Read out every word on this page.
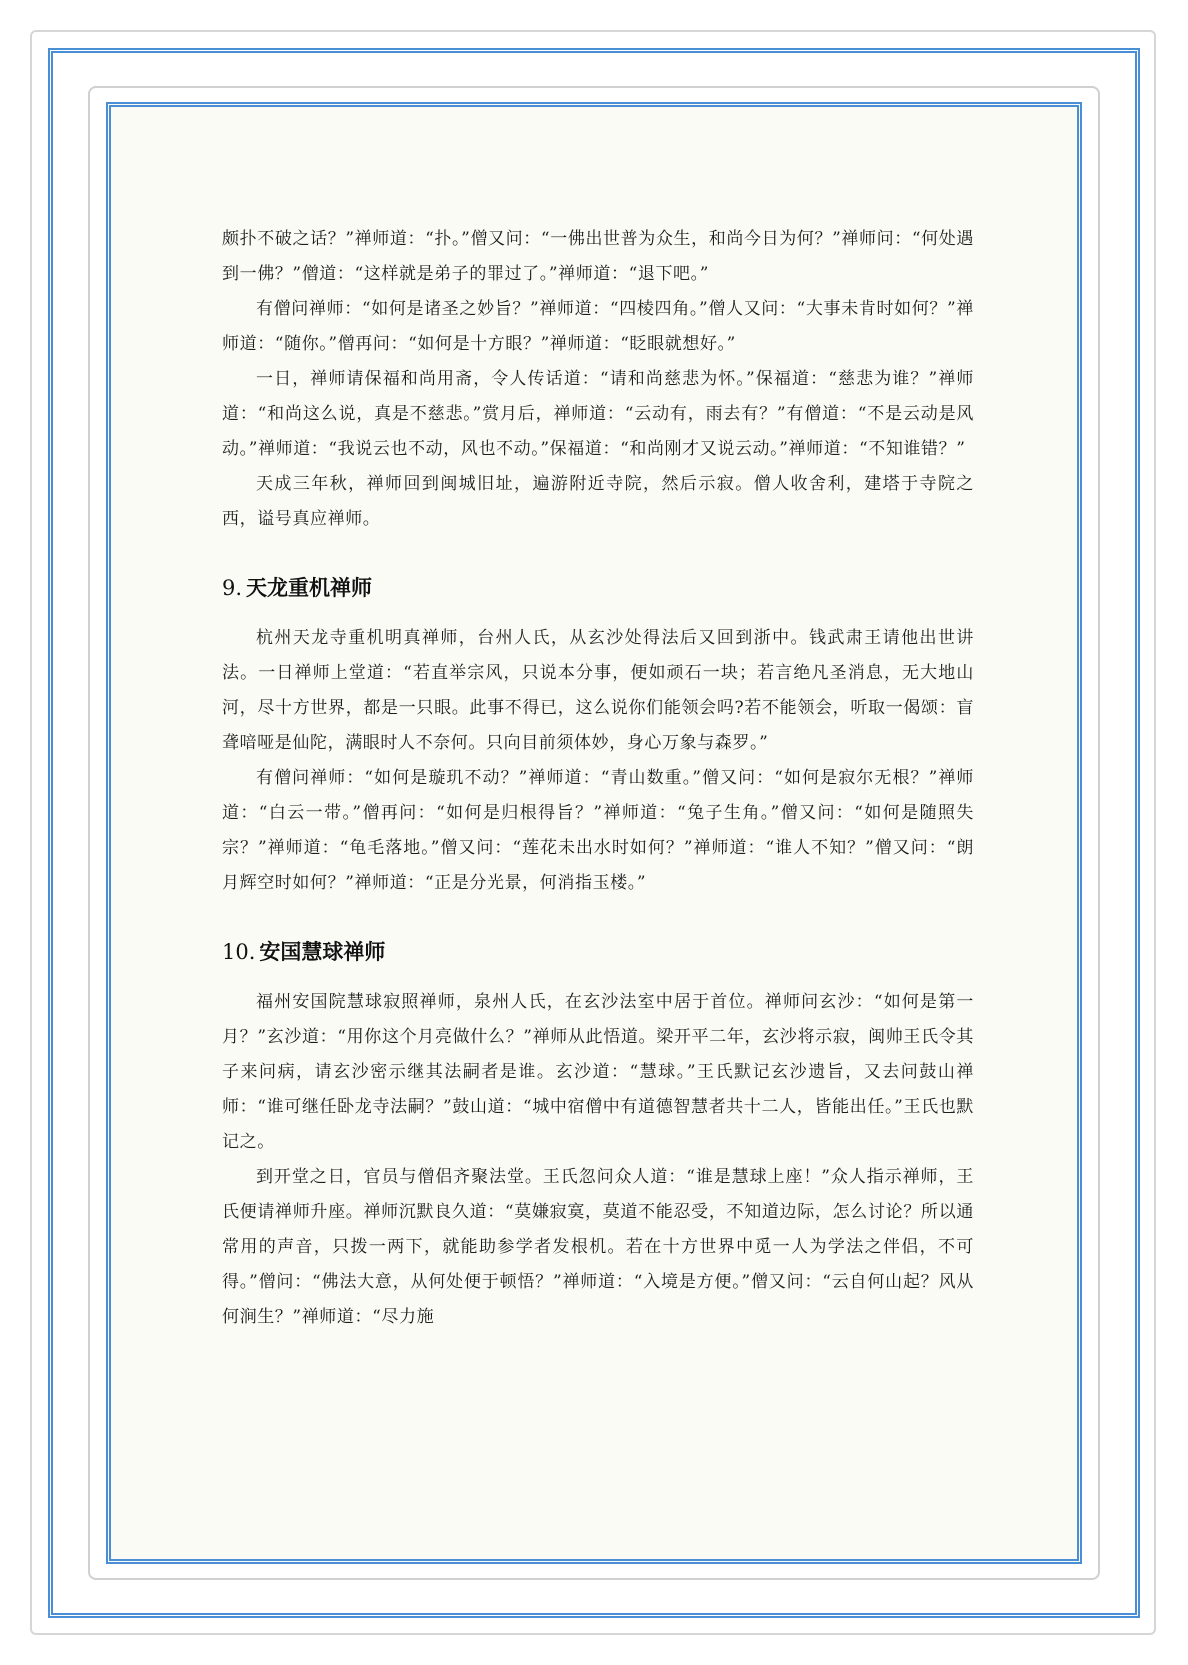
颇扑不破之话？”禅师道：“扑。”僧又问：“一佛出世普为众生，和尚今日为何？”禅师问：“何处遇到一佛？”僧道：“这样就是弟子的罪过了。”禅师道：“退下吧。”

有僧问禅师：“如何是诸圣之妙旨？”禅师道：“四棱四角。”僧人又问：“大事未肯时如何？”禅师道：“随你。”僧再问：“如何是十方眼？”禅师道：“眨眼就想好。”

一日，禅师请保福和尚用斋，令人传话道：“请和尚慈悲为怀。”保福道：“慈悲为谁？”禅师道：“和尚这么说，真是不慈悲。”赏月后，禅师道：“云动有，雨去有？”有僧道：“不是云动是风动。”禅师道：“我说云也不动，风也不动。”保福道：“和尚刚才又说云动。”禅师道：“不知谁错？”

天成三年秋，禅师回到闽城旧址，遍游附近寺院，然后示寂。僧人收舍利，建塔于寺院之西，谥号真应禅师。

9. 天龙重机禅师

杭州天龙寺重机明真禅师，台州人氏，从玄沙处得法后又回到浙中。钱武肃王请他出世讲法。一日禅师上堂道：“若直举宗风，只说本分事，便如顽石一块；若言绝凡圣消息，无大地山河，尽十方世界，都是一只眼。此事不得已，这么说你们能领会吗?若不能领会，听取一偈颂：盲聋喑哑是仙陀，满眼时人不奈何。只向目前须体妙，身心万象与森罗。”

有僧问禅师：“如何是璇玑不动？”禅师道：“青山数重。”僧又问：“如何是寂尔无根？”禅师道：“白云一带。”僧再问：“如何是归根得旨？”禅师道：“兔子生角。”僧又问：“如何是随照失宗？”禅师道：“龟毛落地。”僧又问：“莲花未出水时如何？”禅师道：“谁人不知？”僧又问：“朗月辉空时如何？”禅师道：“正是分光景，何消指玉楼。”

10. 安国慧球禅师

福州安国院慧球寂照禅师，泉州人氏，在玄沙法室中居于首位。禅师问玄沙：“如何是第一月？”玄沙道：“用你这个月亮做什么？”禅师从此悟道。梁开平二年，玄沙将示寂，闽帅王氏令其子来问病，请玄沙密示继其法嗣者是谁。玄沙道：“慧球。”王氏默记玄沙遗旨，又去问鼓山禅师：“谁可继任卧龙寺法嗣？”鼓山道：“城中宿僧中有道德智慧者共十二人，皆能出任。”王氏也默记之。

到开堂之日，官员与僧侣齐聚法堂。王氏忽问众人道：“谁是慧球上座！”众人指示禅师，王氏便请禅师升座。禅师沉默良久道：“莫嫌寂寞，莫道不能忍受，不知道边际，怎么讨论？所以通常用的声音，只拨一两下，就能助参学者发根机。若在十方世界中觅一人为学法之伴侣，不可得。”僧问：“佛法大意，从何处便于顿悟？”禅师道：“入境是方便。”僧又问：“云自何山起？风从何涧生？”禅师道：“尽力施
